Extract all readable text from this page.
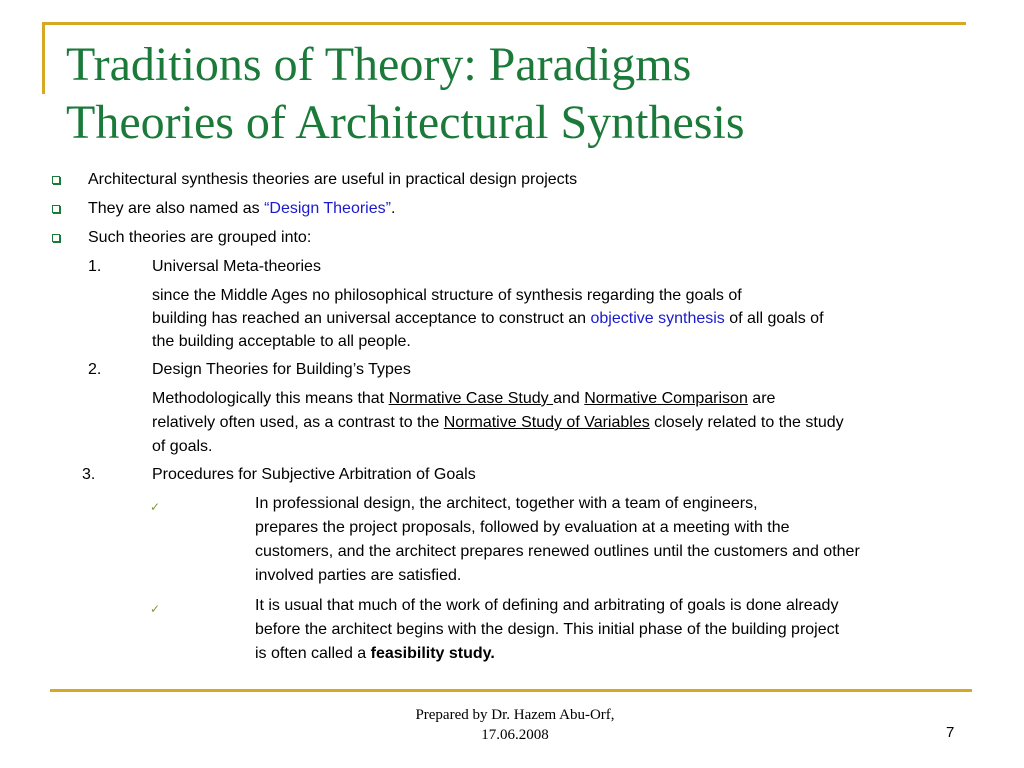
Traditions of Theory: Paradigms
Theories of Architectural Synthesis
Architectural synthesis theories are useful in practical design projects
They are also named as “Design Theories”.
Such theories are grouped into:
1.	Universal Meta-theories
since the Middle Ages no philosophical structure of synthesis regarding the goals of
building has reached an universal acceptance to construct an objective synthesis of all goals of
the building acceptable to all people.
2.	Design Theories for Building’s Types
Methodologically this means that Normative Case Study and Normative Comparison are
relatively often used, as a contrast to the Normative Study of Variables closely related to the study
of goals.
3.	Procedures for Subjective Arbitration of Goals
✓	In professional design, the architect, together with a team of engineers,
prepares the project proposals, followed by evaluation at a meeting with the
customers, and the architect prepares renewed outlines until the customers and other
involved parties are satisfied.
✓	It is usual that much of the work of defining and arbitrating of goals is done already
before the architect begins with the design. This initial phase of the building project
is often called a feasibility study.
Prepared by Dr. Hazem Abu-Orf,
17.06.2008	7
